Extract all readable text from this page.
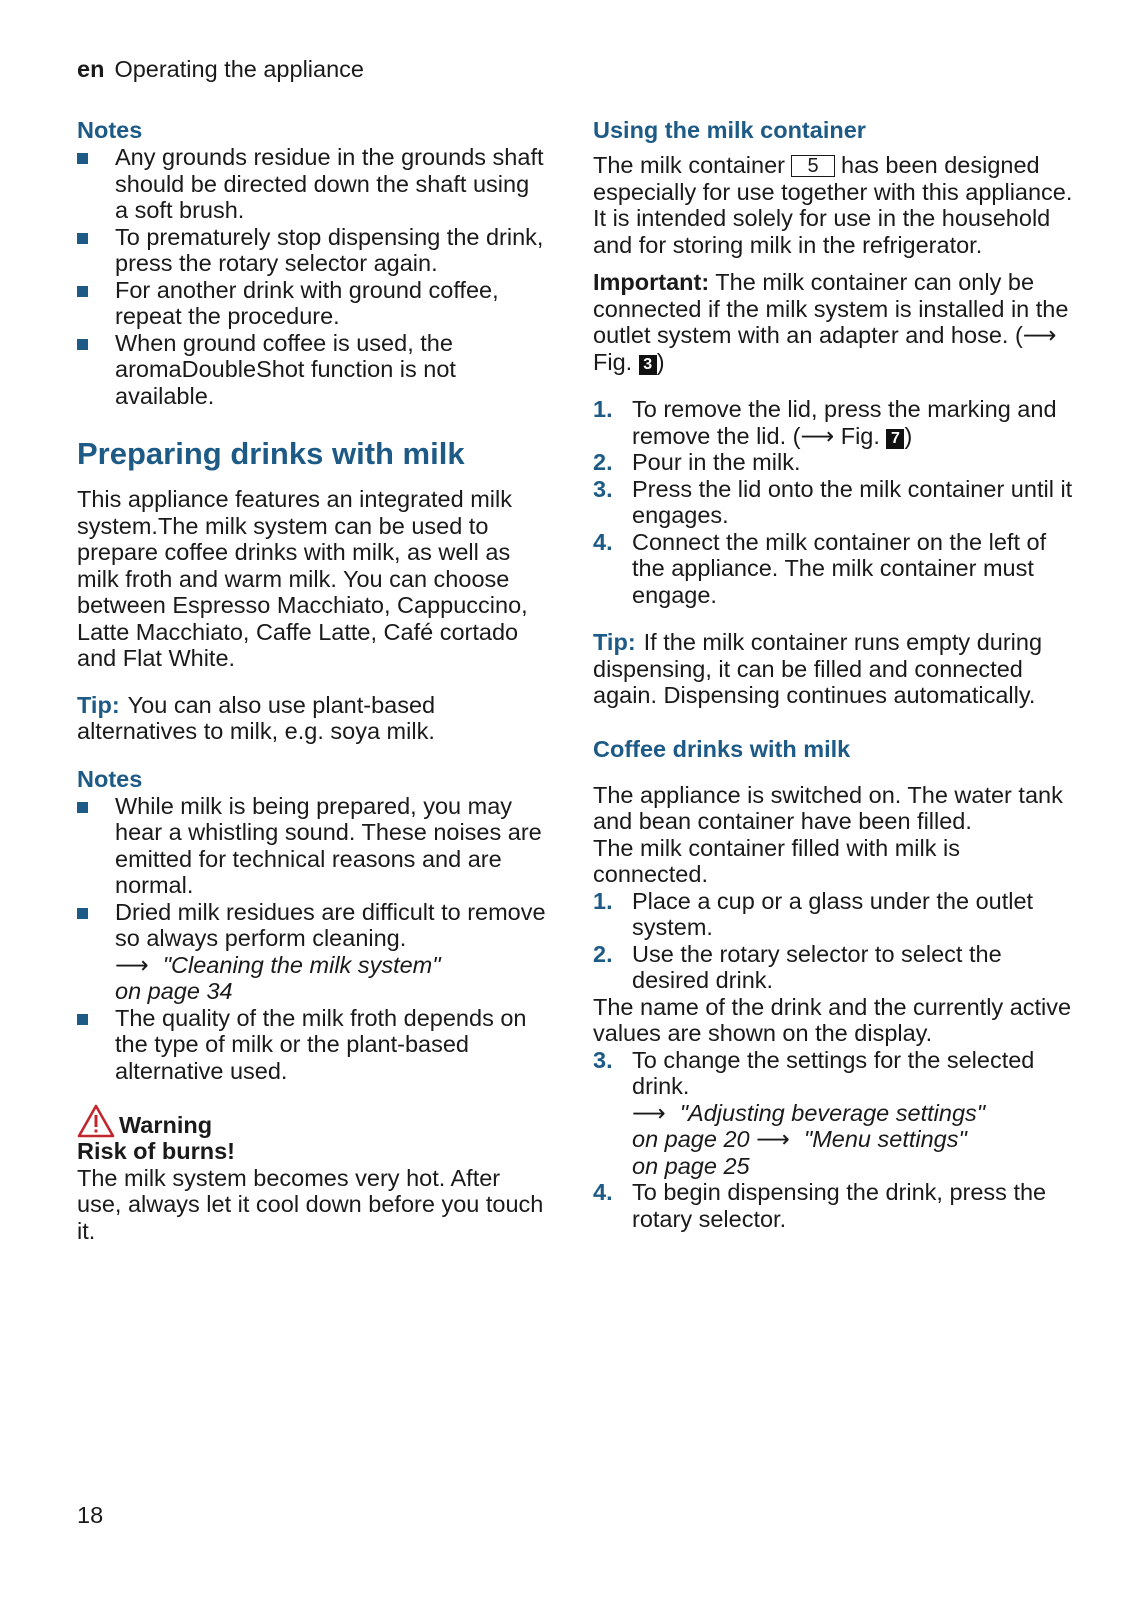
en Operating the appliance
Notes
Any grounds residue in the grounds shaft should be directed down the shaft using a soft brush.
To prematurely stop dispensing the drink, press the rotary selector again.
For another drink with ground coffee, repeat the procedure.
When ground coffee is used, the aromaDoubleShot function is not available.
Preparing drinks with milk

This appliance features an integrated milk system.The milk system can be used to prepare coffee drinks with milk, as well as milk froth and warm milk. You can choose between Espresso Macchiato, Cappuccino,

Latte Macchiato, Caffe Latte, Café cortado and Flat White.

Tip: You can also use plant-based alternatives to milk, e.g. soya milk.

Notes
While milk is being prepared, you may hear a whistling sound. These noises are emitted for technical reasons and are normal.
Dried milk residues are difficult to remove so always perform cleaning.
⟶ "Cleaning the milk system"
on page 34
The quality of the milk froth depends on the type of milk or the plant-based alternative used.
Warning
Risk of burns!

The milk system becomes very hot. After use, always let it cool down before you touch it.

Using the milk container

The milk container 5 has been designed especially for use together with this appliance. It is intended solely for use in the household and for storing milk in the refrigerator.

Important: The milk container can only be connected if the milk system is installed in the outlet system with an adapter and hose. (⟶ Fig. 3 )

1. To remove the lid, press the marking and remove the lid. (⟶ Fig. 7 )
2. Pour in the milk.
3. Press the lid onto the milk container until it engages.
4. Connect the milk container on the left of the appliance. The milk container must engage.

Tip: If the milk container runs empty during dispensing, it can be filled and connected again. Dispensing continues automatically.

Coffee drinks with milk

The appliance is switched on. The water tank and bean container have been filled.

The milk container filled with milk is connected.

1. Place a cup or a glass under the outlet system.
2. Use the rotary selector to select the desired drink.

The name of the drink and the currently active values are shown on the display.

3. To change the settings for the selected drink.
⟶ "Adjusting beverage settings"
on page 20 ⟶ "Menu settings"
on page 25
4. To begin dispensing the drink, press the rotary selector.
18
